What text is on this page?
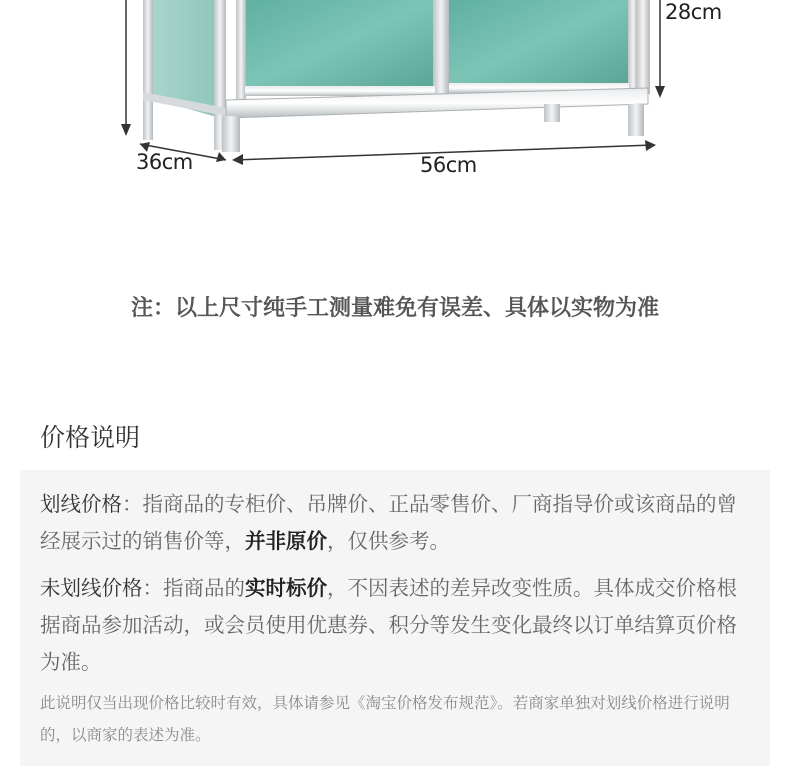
28cm
36cm	56cm
注：以上尺寸纯手工测量难免有误差、具体以实物为准
价格说明
划线价格：指商品的专柜价、吊牌价、正品零售价、厂商指导价或该商品的曾经展示过的销售价等，并非原价，仅供参考。
未划线价格：指商品的实时标价，不因表述的差异改变性质。具体成交价格根据商品参加活动，或会员使用优惠券、积分等发生变化最终以订单结算页价格为准。
此说明仅当出现价格比较时有效，具体请参见《淘宝价格发布规范》。若商家单独对划线价格进行说明的，以商家的表述为准。
